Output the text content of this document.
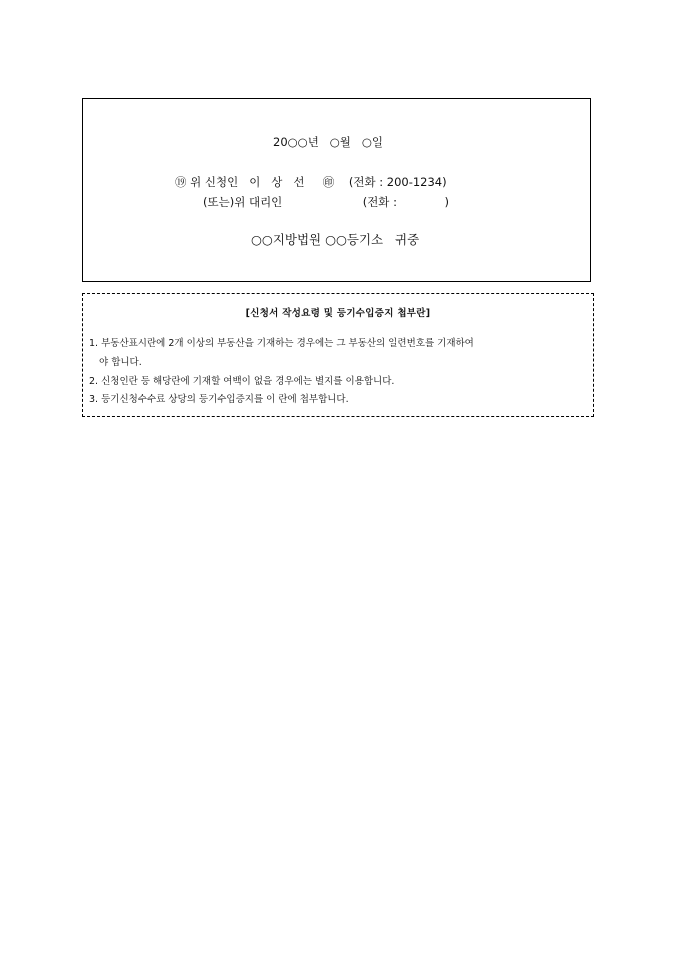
20○○년   ○월   ○일
⑲ 위 신청인   이   상   선     ㊞    (전화 : 200-1234)
(또는)위 대리인                      (전화 :             )
○○지방법원 ○○등기소   귀중
[신청서 작성요령 및 등기수입증지 첩부란]
1. 부동산표시란에 2개 이상의 부동산을 기재하는 경우에는 그 부동산의 일련번호를 기재하여
야 합니다.
2. 신청인란 등 해당란에 기재할 여백이 없을 경우에는 별지를 이용합니다.
3. 등기신청수수료 상당의 등기수입증지를 이 란에 첩부합니다.
